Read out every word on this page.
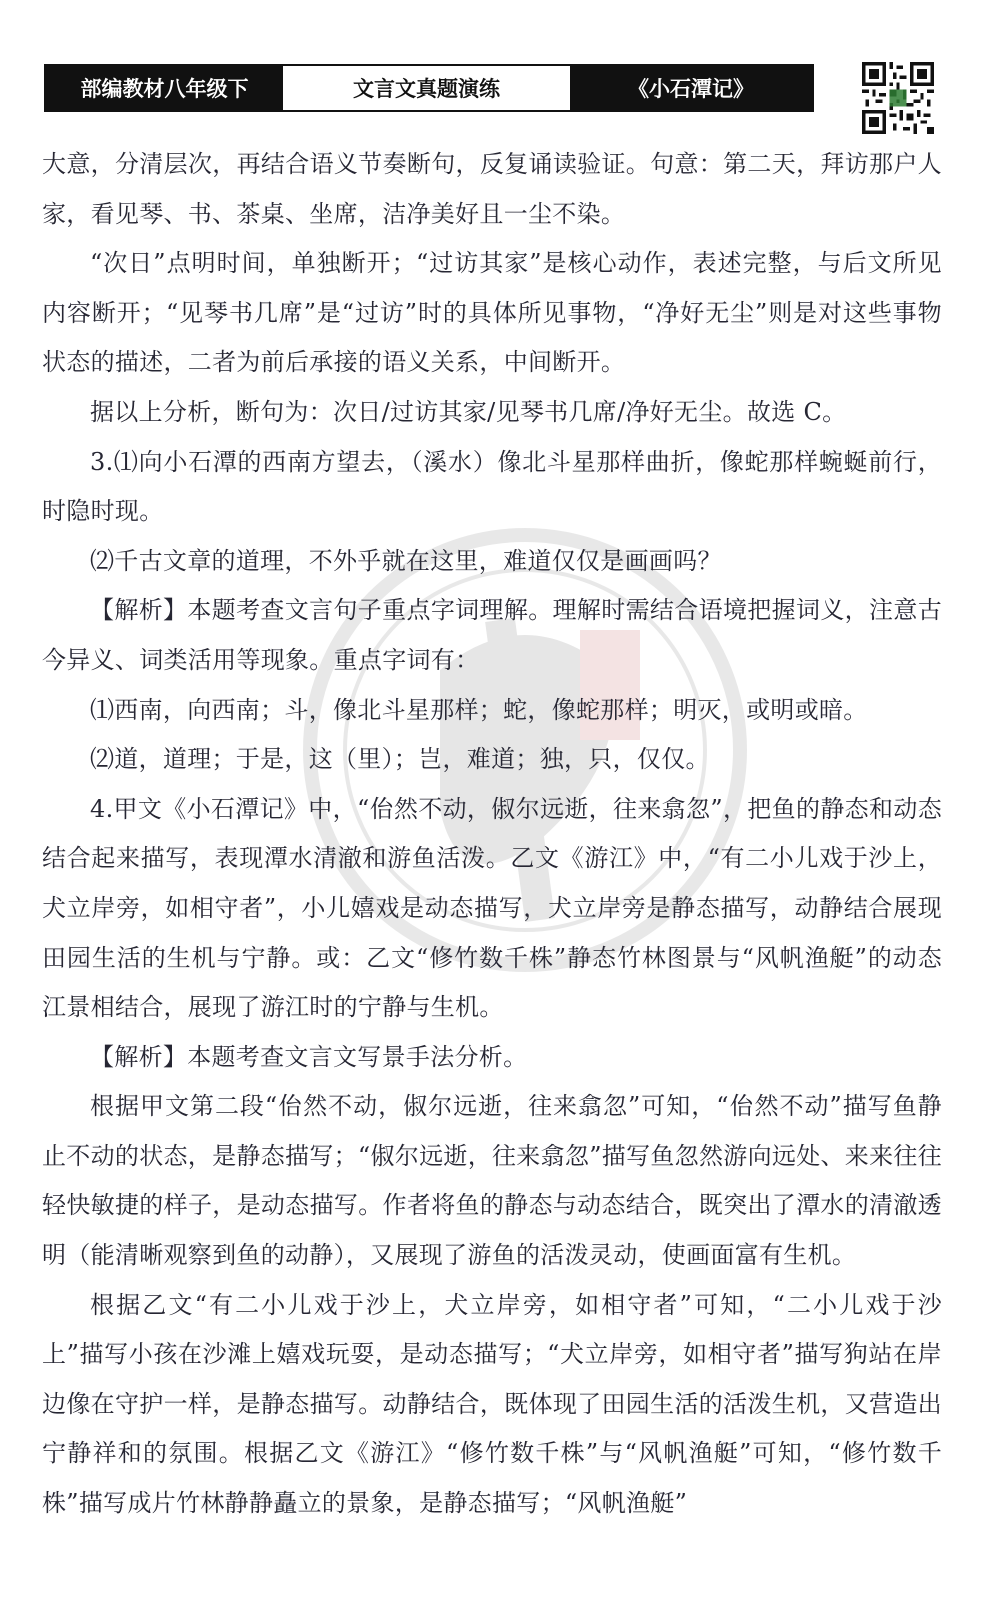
部编教材八年级下	文言文真题演练	《小石潭记》

大意，分清层次，再结合语义节奏断句，反复诵读验证。句意：第二天，拜访那户人家，看见琴、书、茶桌、坐席，洁净美好且一尘不染。

“次日”点明时间，单独断开；“过访其家”是核心动作，表述完整，与后文所见内容断开；“见琴书几席”是“过访”时的具体所见事物，“净好无尘”则是对这些事物状态的描述，二者为前后承接的语义关系，中间断开。

据以上分析，断句为：次日/过访其家/见琴书几席/净好无尘。故选 C。

3.⑴向小石潭的西南方望去，（溪水）像北斗星那样曲折，像蛇那样蜿蜒前行，时隐时现。

⑵千古文章的道理，不外乎就在这里，难道仅仅是画画吗？

【解析】本题考查文言句子重点字词理解。理解时需结合语境把握词义，注意古今异义、词类活用等现象。重点字词有：

⑴西南，向西南；斗，像北斗星那样；蛇，像蛇那样；明灭，或明或暗。

⑵道，道理；于是，这（里）；岂，难道；独，只，仅仅。

4.甲文《小石潭记》中，“佁然不动，俶尔远逝，往来翕忽”，把鱼的静态和动态结合起来描写，表现潭水清澈和游鱼活泼。乙文《游江》中，“有二小儿戏于沙上，犬立岸旁，如相守者”，小儿嬉戏是动态描写，犬立岸旁是静态描写，动静结合展现田园生活的生机与宁静。或：乙文“修竹数千株”静态竹林图景与“风帆渔艇”的动态江景相结合，展现了游江时的宁静与生机。

【解析】本题考查文言文写景手法分析。

根据甲文第二段“佁然不动，俶尔远逝，往来翕忽”可知，“佁然不动”描写鱼静止不动的状态，是静态描写；“俶尔远逝，往来翕忽”描写鱼忽然游向远处、来来往往轻快敏捷的样子，是动态描写。作者将鱼的静态与动态结合，既突出了潭水的清澈透明（能清晰观察到鱼的动静），又展现了游鱼的活泼灵动，使画面富有生机。

根据乙文“有二小儿戏于沙上，犬立岸旁，如相守者”可知，“二小儿戏于沙上”描写小孩在沙滩上嬉戏玩耍，是动态描写；“犬立岸旁，如相守者”描写狗站在岸边像在守护一样，是静态描写。动静结合，既体现了田园生活的活泼生机，又营造出宁静祥和的氛围。根据乙文《游江》“修竹数千株”与“风帆渔艇”可知，“修竹数千株”描写成片竹林静静矗立的景象，是静态描写；“风帆渔艇”
